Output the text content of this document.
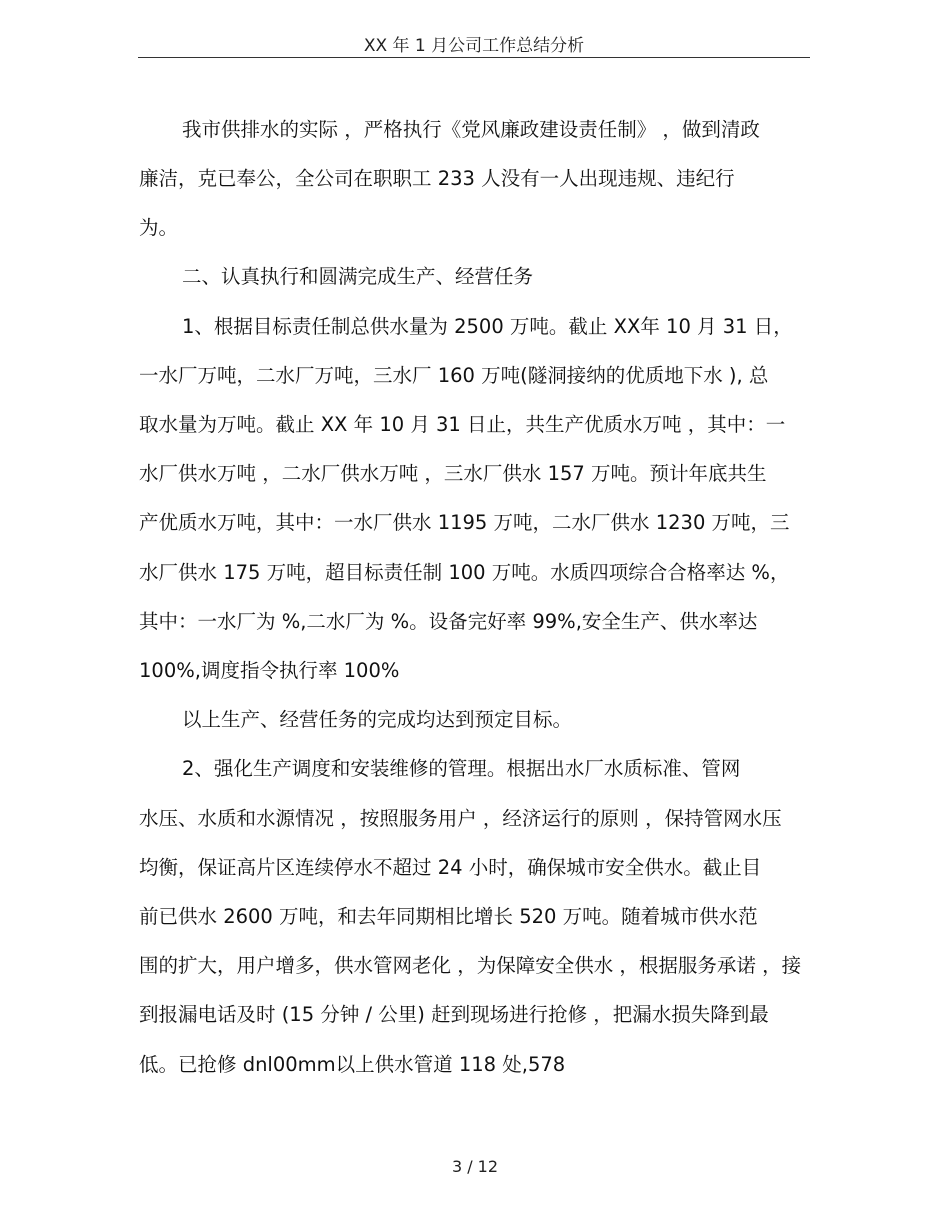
XX 年 1 月公司工作总结分析
我市供排水的实际 ，严格执行《党风廉政建设责任制》 ，做到清政
廉洁，克已奉公，全公司在职职工 233 人没有一人出现违规、违纪行
为。
二、认真执行和圆满完成生产、经营任务
1、根据目标责任制总供水量为 2500 万吨。截止 XX年 10 月 31 日，
一水厂万吨，二水厂万吨，三水厂 160 万吨(隧洞接纳的优质地下水 ), 总
取水量为万吨。截止 XX 年 10 月 31 日止，共生产优质水万吨 ，其中：一
水厂供水万吨 ，二水厂供水万吨 ，三水厂供水 157 万吨。预计年底共生
产优质水万吨，其中：一水厂供水 1195 万吨，二水厂供水 1230 万吨，三
水厂供水 175 万吨，超目标责任制 100 万吨。水质四项综合合格率达 %，
其中：一水厂为 %,二水厂为 %。设备完好率 99%,安全生产、供水率达
100%,调度指令执行率 100%
以上生产、经营任务的完成均达到预定目标。
2、强化生产调度和安装维修的管理。根据出水厂水质标准、管网
水压、水质和水源情况 ，按照服务用户 ，经济运行的原则 ，保持管网水压
均衡，保证高片区连续停水不超过 24 小时，确保城市安全供水。截止目
前已供水 2600 万吨，和去年同期相比增长 520 万吨。随着城市供水范
围的扩大，用户增多，供水管网老化 ，为保障安全供水 ，根据服务承诺 ，接
到报漏电话及时 (15 分钟 / 公里) 赶到现场进行抢修 ，把漏水损失降到最
低。已抢修 dnl00mm以上供水管道 118 处,578
3 / 12
